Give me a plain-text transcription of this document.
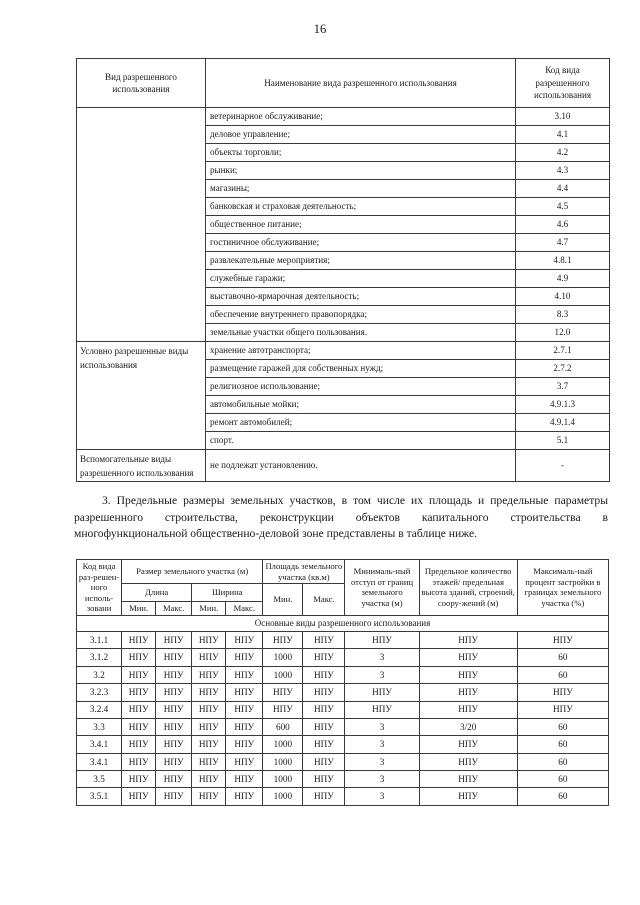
16
Вид разрешенного использования	Наименование вида разрешенного использования	Код вида разрешенного использования
	ветеринарное обслуживание;	3.10
	деловое управление;	4.1
	объекты торговли;	4.2
	рынки;	4.3
	магазины;	4.4
	банковская и страховая деятельность;	4.5
	общественное питание;	4.6
	гостиничное обслуживание;	4.7
	развлекательные мероприятия;	4.8.1
	служебные гаражи;	4.9
	выставочно-ярмарочная деятельность;	4.10
	обеспечение внутреннего правопорядка;	8.3
	земельные участки общего пользования.	12.0
Условно разрешенные виды использования	хранение автотранспорта;	2.7.1
	размещение гаражей для собственных нужд;	2.7.2
	религиозное использование;	3.7
	автомобильные мойки;	4.9.1.3
	ремонт автомобилей;	4.9.1.4
	спорт.	5.1
Вспомогательные виды разрешенного использования	не подлежат установлению.	-
3. Предельные размеры земельных участков, в том числе их площадь и предельные параметры разрешенного строительства, реконструкции объектов капитального строительства в многофункциональной общественно-деловой зоне представлены в таблице ниже.
Код вида раз-решен-ного исполь-зовани	Размер земельного участка (м)				Площадь земельного участка (кв.м)		Минималь-ный отступ от границ земельного участка (м)	Предельное количество этажей/ предельная высота зданий, строений, соору-жений (м)	Максималь-ный процент застройки в границах земельного участка (%)
	Длина		Ширина		Мин.	Макс.			
	Мин.	Макс.	Мин.	Макс.					
Основные виды разрешенного использования									
3.1.1	НПУ	НПУ	НПУ	НПУ	НПУ	НПУ	НПУ	НПУ	НПУ
3.1.2	НПУ	НПУ	НПУ	НПУ	1000	НПУ	3	НПУ	60
3.2	НПУ	НПУ	НПУ	НПУ	1000	НПУ	3	НПУ	60
3.2.3	НПУ	НПУ	НПУ	НПУ	НПУ	НПУ	НПУ	НПУ	НПУ
3.2.4	НПУ	НПУ	НПУ	НПУ	НПУ	НПУ	НПУ	НПУ	НПУ
3.3	НПУ	НПУ	НПУ	НПУ	600	НПУ	3	3/20	60
3.4.1	НПУ	НПУ	НПУ	НПУ	1000	НПУ	3	НПУ	60
3.4.1	НПУ	НПУ	НПУ	НПУ	1000	НПУ	3	НПУ	60
3.5	НПУ	НПУ	НПУ	НПУ	1000	НПУ	3	НПУ	60
3.5.1	НПУ	НПУ	НПУ	НПУ	1000	НПУ	3	НПУ	60
